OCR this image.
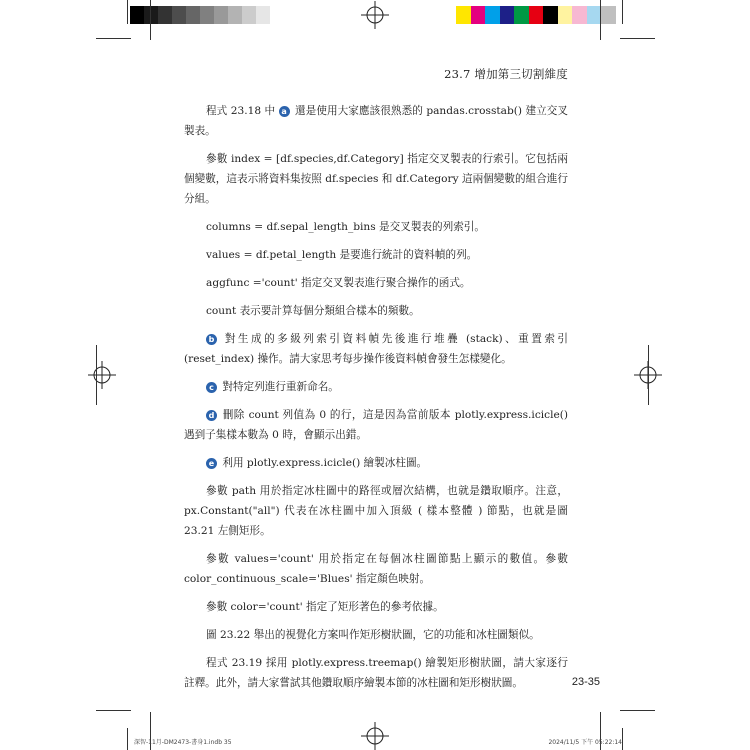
23.7 增加第三切割維度

程式 23.18 中 a 還是使用大家應該很熟悉的 pandas.crosstab() 建立交叉製表。

參數 index = [df.species,df.Category] 指定交叉製表的行索引。它包括兩個變數，這表示將資料集按照 df.species 和 df.Category 這兩個變數的組合進行分組。

columns = df.sepal_length_bins 是交叉製表的列索引。

values = df.petal_length 是要進行統計的資料幀的列。

aggfunc ='count' 指定交叉製表進行聚合操作的函式。

count 表示要計算每個分類組合樣本的頻數。

b 對生成的多級列索引資料幀先後進行堆疊 (stack)、重置索引 (reset_index) 操作。請大家思考每步操作後資料幀會發生怎樣變化。

c 對特定列進行重新命名。

d 刪除 count 列值為 0 的行，這是因為當前版本 plotly.express.icicle() 遇到子集樣本數為 0 時，會顯示出錯。

e 利用 plotly.express.icicle() 繪製冰柱圖。

參數 path 用於指定冰柱圖中的路徑或層次結構，也就是鑽取順序。注意，px.Constant("all") 代表在冰柱圖中加入頂級 ( 樣本整體 ) 節點，也就是圖 23.21 左側矩形。

參數 values='count' 用於指定在每個冰柱圖節點上顯示的數值。參數 color_continuous_scale='Blues' 指定顏色映射。

參數 color='count' 指定了矩形著色的參考依據。

圖 23.22 舉出的視覺化方案叫作矩形樹狀圖，它的功能和冰柱圖類似。

程式 23.19 採用 plotly.express.treemap() 繪製矩形樹狀圖，請大家逐行註釋。此外，請大家嘗試其他鑽取順序繪製本節的冰柱圖和矩形樹狀圖。	23-35
深智-11月-DM2473-書身1.indb 35	2024/11/5 下午 05:22:14
